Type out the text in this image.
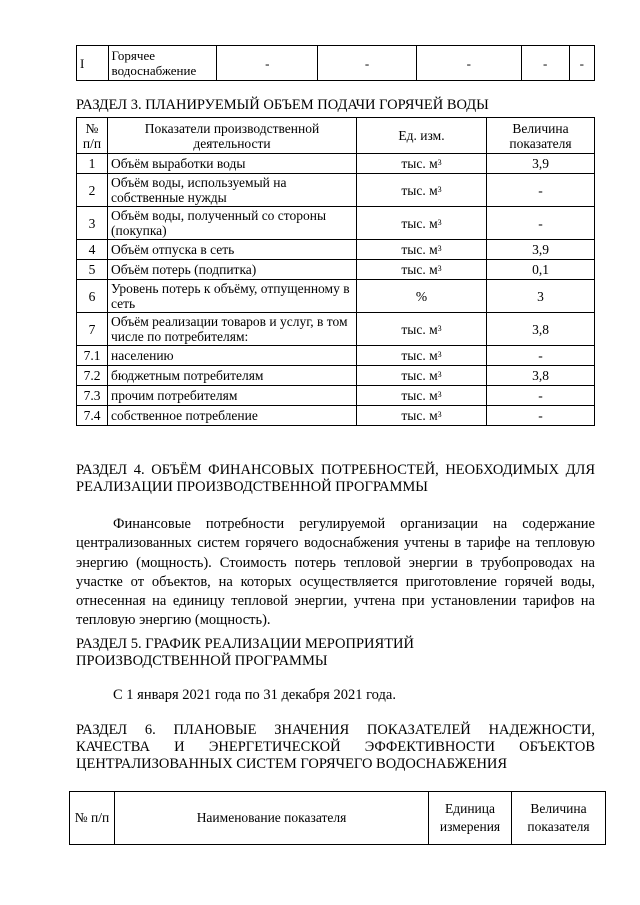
I	Горячее водоснабжение	-	-	-	-	-
РАЗДЕЛ 3. ПЛАНИРУЕМЫЙ ОБЪЕМ ПОДАЧИ ГОРЯЧЕЙ ВОДЫ
№ п/п	Показатели производственной деятельности	Ед. изм.	Величина показателя
1	Объём выработки воды	тыс. $м^3$	3,9
2	Объём воды, используемый на собственные нужды	тыс. $м^3$	-
3	Объём воды, полученный со стороны (покупка)	тыс. $м^3$	-
4	Объём отпуска в сеть	тыс. $м^3$	3,9
5	Объём потерь (подпитка)	тыс. $м^3$	0,1
6	Уровень потерь к объёму, отпущенному в сеть	%	3
7	Объём реализации товаров и услуг, в том числе по потребителям:	тыс. $м^3$	3,8
7.1	населению	тыс. $м^3$	-
7.2	бюджетным потребителям	тыс. $м^3$	3,8
7.3	прочим потребителям	тыс. $м^3$	-
7.4	собственное потребление	тыс. $м^3$	-
РАЗДЕЛ 4. ОБЪЁМ ФИНАНСОВЫХ ПОТРЕБНОСТЕЙ, НЕОБХОДИМЫХ ДЛЯ РЕАЛИЗАЦИИ ПРОИЗВОДСТВЕННОЙ ПРОГРАММЫ

Финансовые потребности регулируемой организации на содержание централизованных систем горячего водоснабжения учтены в тарифе на тепловую энергию (мощность). Стоимость потерь тепловой энергии в трубопроводах на участке от объектов, на которых осуществляется приготовление горячей воды, отнесенная на единицу тепловой энергии, учтена при установлении тарифов на тепловую энергию (мощность).

РАЗДЕЛ 5. ГРАФИК РЕАЛИЗАЦИИ МЕРОПРИЯТИЙ ПРОИЗВОДСТВЕННОЙ ПРОГРАММЫ

С 1 января 2021 года по 31 декабря 2021 года.

РАЗДЕЛ 6. ПЛАНОВЫЕ ЗНАЧЕНИЯ ПОКАЗАТЕЛЕЙ НАДЕЖНОСТИ, КАЧЕСТВА И ЭНЕРГЕТИЧЕСКОЙ ЭФФЕКТИВНОСТИ ОБЪЕКТОВ ЦЕНТРАЛИЗОВАННЫХ СИСТЕМ ГОРЯЧЕГО ВОДОСНАБЖЕНИЯ
№ п/п	Наименование показателя	Единица измерения	Величина показателя
